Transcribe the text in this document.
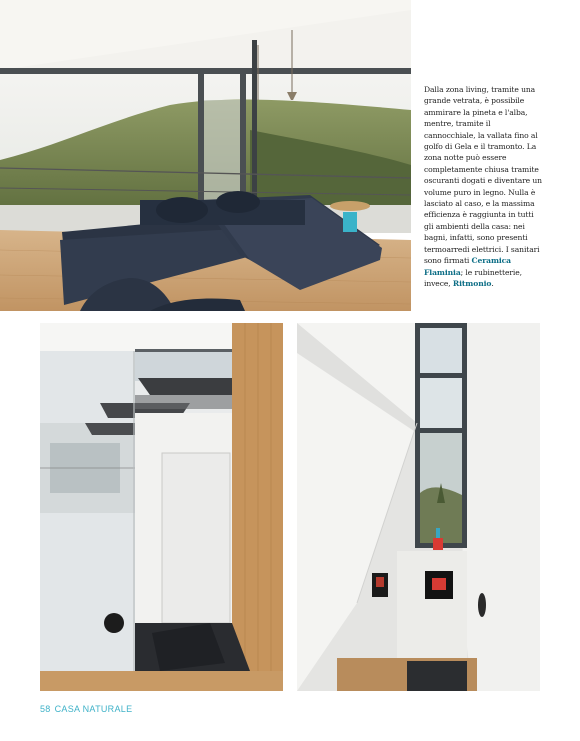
Dalla zona living, tramite una grande vetrata, è possibile ammirare la pineta e l'alba, mentre, tramite il cannocchiale, la vallata fino al golfo di Gela e il tramonto. La zona notte può essere completamente chiusa tramite oscuranti dogati e diventare un volume puro in legno. Nulla è lasciato al caso, e la massima efficienza è raggiunta in tutti gli ambienti della casa: nei bagni, infatti, sono presenti termoarredi elettrici. I sanitari sono firmati Ceramica Flaminia; le rubinetterie, invece, Ritmonio.
58 CASA NATURALE
